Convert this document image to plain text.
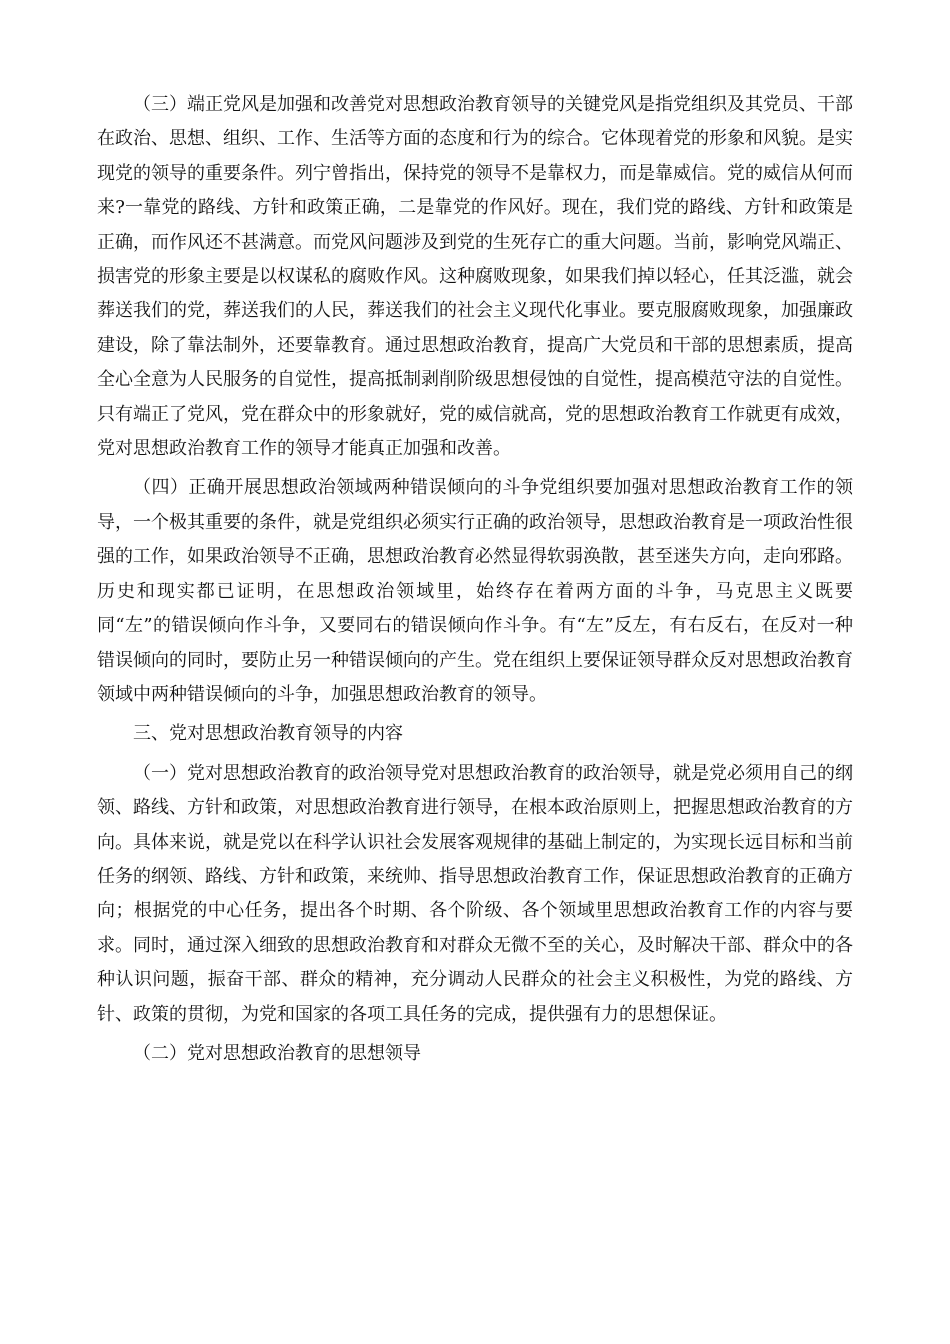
（三）端正党风是加强和改善党对思想政治教育领导的关键党风是指党组织及其党员、干部在政治、思想、组织、工作、生活等方面的态度和行为的综合。它体现着党的形象和风貌。是实现党的领导的重要条件。列宁曾指出，保持党的领导不是靠权力，而是靠威信。党的威信从何而来?一靠党的路线、方针和政策正确，二是靠党的作风好。现在，我们党的路线、方针和政策是正确，而作风还不甚满意。而党风问题涉及到党的生死存亡的重大问题。当前，影响党风端正、损害党的形象主要是以权谋私的腐败作风。这种腐败现象，如果我们掉以轻心，任其泛滥，就会葬送我们的党，葬送我们的人民，葬送我们的社会主义现代化事业。要克服腐败现象，加强廉政建设，除了靠法制外，还要靠教育。通过思想政治教育，提高广大党员和干部的思想素质，提高全心全意为人民服务的自觉性，提高抵制剥削阶级思想侵蚀的自觉性，提高模范守法的自觉性。只有端正了党风，党在群众中的形象就好，党的威信就高，党的思想政治教育工作就更有成效，党对思想政治教育工作的领导才能真正加强和改善。

（四）正确开展思想政治领域两种错误倾向的斗争党组织要加强对思想政治教育工作的领导，一个极其重要的条件，就是党组织必须实行正确的政治领导，思想政治教育是一项政治性很强的工作，如果政治领导不正确，思想政治教育必然显得软弱涣散，甚至迷失方向，走向邪路。历史和现实都已证明，在思想政治领域里，始终存在着两方面的斗争，马克思主义既要同“左”的错误倾向作斗争，又要同右的错误倾向作斗争。有“左”反左，有右反右，在反对一种错误倾向的同时，要防止另一种错误倾向的产生。党在组织上要保证领导群众反对思想政治教育领域中两种错误倾向的斗争，加强思想政治教育的领导。

三、党对思想政治教育领导的内容

（一）党对思想政治教育的政治领导党对思想政治教育的政治领导，就是党必须用自己的纲领、路线、方针和政策，对思想政治教育进行领导，在根本政治原则上，把握思想政治教育的方向。具体来说，就是党以在科学认识社会发展客观规律的基础上制定的，为实现长远目标和当前任务的纲领、路线、方针和政策，来统帅、指导思想政治教育工作，保证思想政治教育的正确方向；根据党的中心任务，提出各个时期、各个阶级、各个领域里思想政治教育工作的内容与要求。同时，通过深入细致的思想政治教育和对群众无微不至的关心，及时解决干部、群众中的各种认识问题，振奋干部、群众的精神，充分调动人民群众的社会主义积极性，为党的路线、方针、政策的贯彻，为党和国家的各项工具任务的完成，提供强有力的思想保证。

（二）党对思想政治教育的思想领导
